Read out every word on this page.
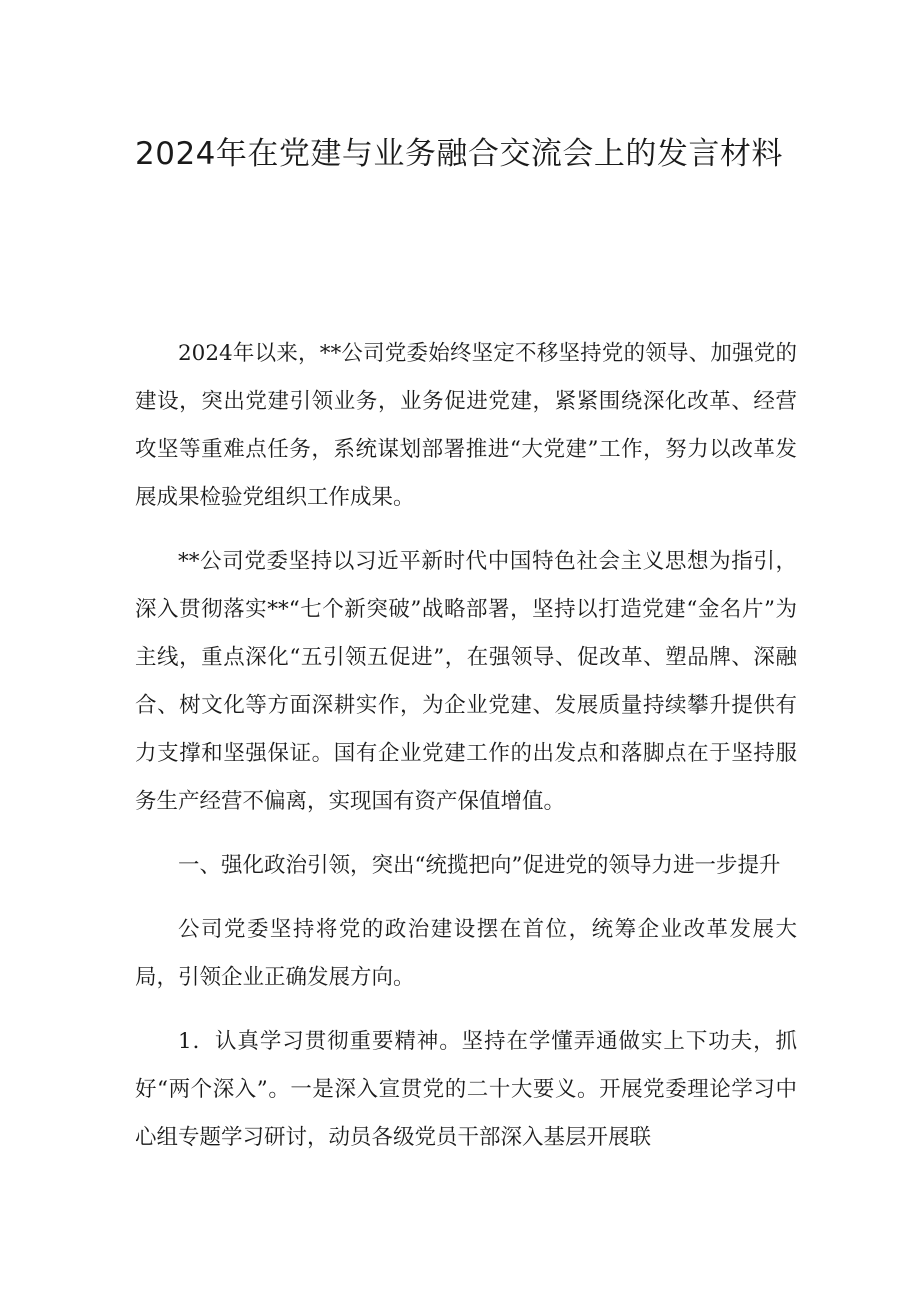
2024年在党建与业务融合交流会上的发言材料

2024年以来，**公司党委始终坚定不移坚持党的领导、加强党的建设，突出党建引领业务，业务促进党建，紧紧围绕深化改革、经营攻坚等重难点任务，系统谋划部署推进“大党建”工作，努力以改革发展成果检验党组织工作成果。

**公司党委坚持以习近平新时代中国特色社会主义思想为指引，深入贯彻落实**“七个新突破”战略部署，坚持以打造党建“金名片”为主线，重点深化“五引领五促进”，在强领导、促改革、塑品牌、深融合、树文化等方面深耕实作，为企业党建、发展质量持续攀升提供有力支撑和坚强保证。国有企业党建工作的出发点和落脚点在于坚持服务生产经营不偏离，实现国有资产保值增值。

一、强化政治引领，突出“统揽把向”促进党的领导力进一步提升

公司党委坚持将党的政治建设摆在首位，统筹企业改革发展大局，引领企业正确发展方向。

1．认真学习贯彻重要精神。坚持在学懂弄通做实上下功夫，抓好“两个深入”。一是深入宣贯党的二十大要义。开展党委理论学习中心组专题学习研讨，动员各级党员干部深入基层开展联
